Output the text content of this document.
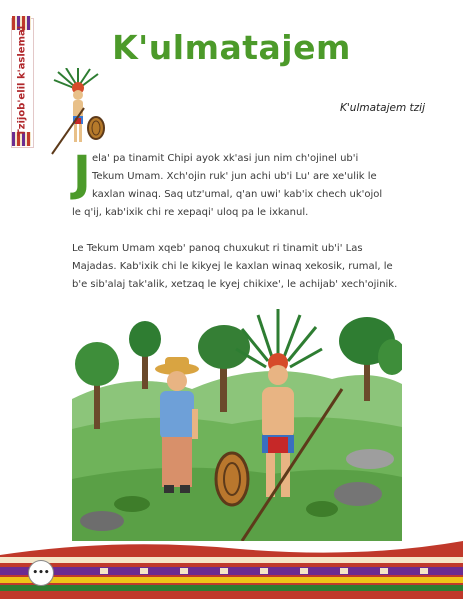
Tzijob'elil k'aslemal	K'ulmatajem
K'ulmatajem tzij
J ela' pa tinamit Chipi ayok xk'asi jun nim ch'ojinel ub'i
Tekum Umam. Xch'ojin ruk' jun achi ub'i Lu' are xe'ulik le
kaxlan winaq. Saq utz'umal, q'an uwi' kab'ix chech uk'ojol
le q'ij, kab'ixik chi re xepaqi' uloq pa le ixkanul.
Le Tekum Umam xqeb' panoq chuxukut ri tinamit ub'i' Las Majadas. Kab'ixik chi le kikyej le kaxlan winaq xekosik, rumal, le b'e sib'alaj tak'alik, xetzaq le kyej chikixe', le achijab' xech'ojinik.
•••
